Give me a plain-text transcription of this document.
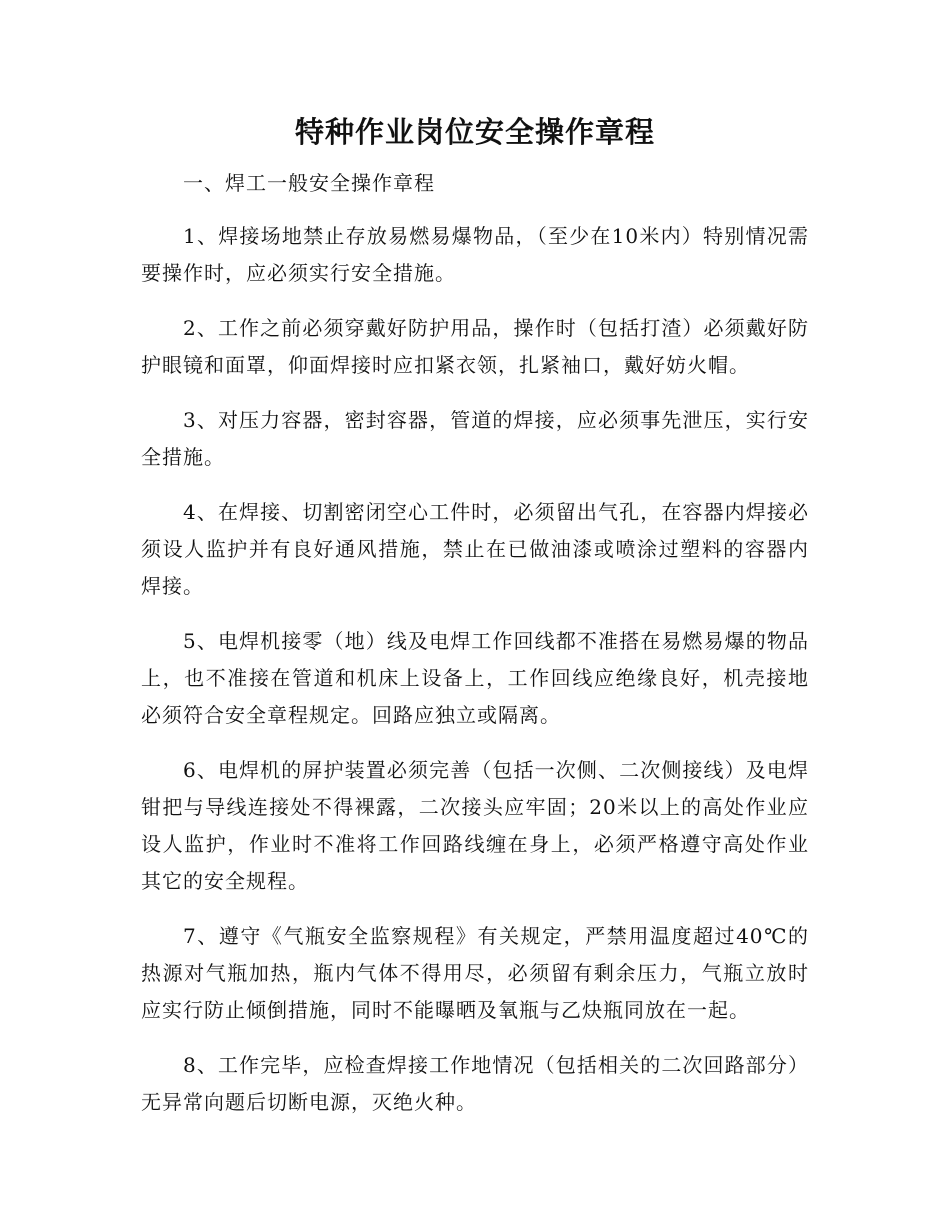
特种作业岗位安全操作章程

一、焊工一般安全操作章程

1、焊接场地禁止存放易燃易爆物品，（至少在10米内）特别情况需要操作时，应必须实行安全措施。

2、工作之前必须穿戴好防护用品，操作时（包括打渣）必须戴好防护眼镜和面罩，仰面焊接时应扣紧衣领，扎紧袖口，戴好妨火帽。

3、对压力容器，密封容器，管道的焊接，应必须事先泄压，实行安全措施。

4、在焊接、切割密闭空心工件时，必须留出气孔，在容器内焊接必须设人监护并有良好通风措施，禁止在已做油漆或喷涂过塑料的容器内焊接。

5、电焊机接零（地）线及电焊工作回线都不准搭在易燃易爆的物品上，也不准接在管道和机床上设备上，工作回线应绝缘良好，机壳接地必须符合安全章程规定。回路应独立或隔离。

6、电焊机的屏护装置必须完善（包括一次侧、二次侧接线）及电焊钳把与导线连接处不得裸露，二次接头应牢固；20米以上的高处作业应设人监护，作业时不准将工作回路线缠在身上，必须严格遵守高处作业其它的安全规程。

7、遵守《气瓶安全监察规程》有关规定，严禁用温度超过40℃的热源对气瓶加热，瓶内气体不得用尽，必须留有剩余压力，气瓶立放时应实行防止倾倒措施，同时不能曝晒及氧瓶与乙炔瓶同放在一起。

8、工作完毕，应检查焊接工作地情况（包括相关的二次回路部分）无异常向题后切断电源，灭绝火种。
